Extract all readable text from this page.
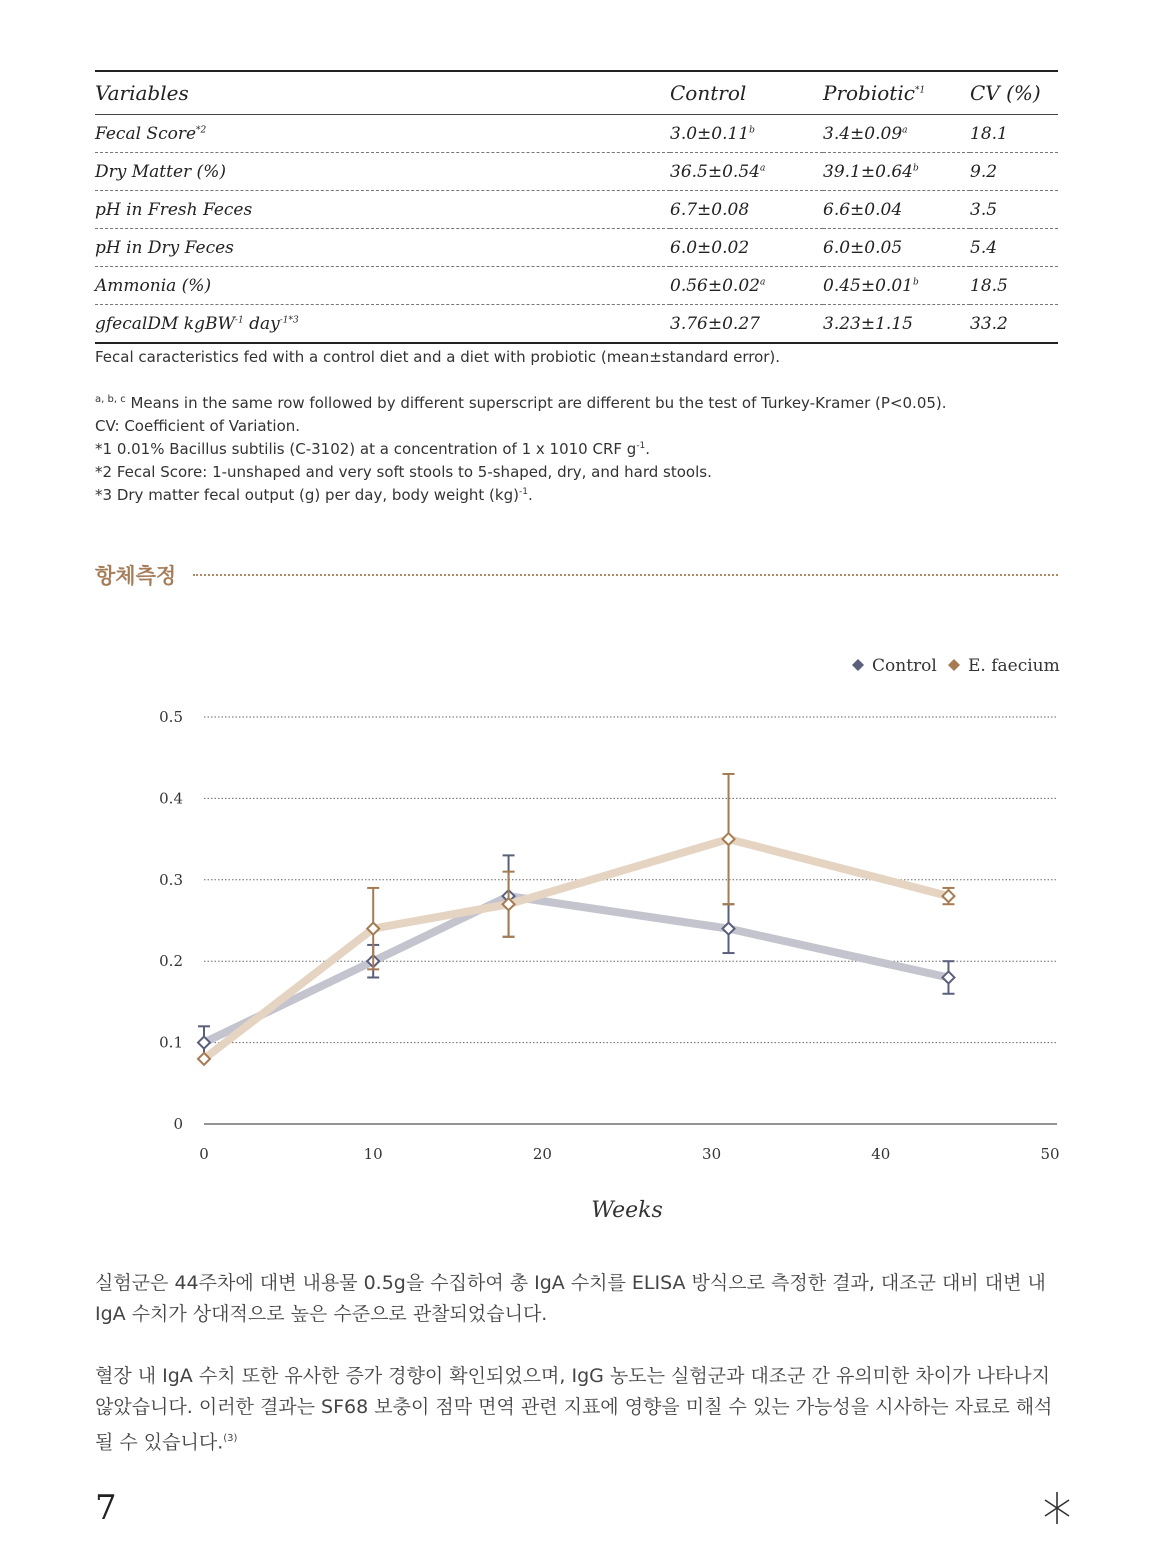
Variables	Control	Probiotic$^{*1}$	CV (%)
Fecal Score$^{*2}$	3.0±0.11$^b$	3.4±0.09$^a$	18.1
Dry Matter (%)	36.5±0.54$^a$	39.1±0.64$^b$	9.2
pH in Fresh Feces	6.7±0.08	6.6±0.04	3.5
pH in Dry Feces	6.0±0.02	6.0±0.05	5.4
Ammonia (%)	0.56±0.02$^a$	0.45±0.01$^b$	18.5
gfecalDM kgBW$^{-1}$ day$^{-1*3}$	3.76±0.27	3.23±1.15	33.2
Fecal caracteristics fed with a control diet and a diet with probiotic (mean±standard error).
$^{a, b, c}$ Means in the same row followed by different superscript are different bu the test of Turkey-Kramer (P<0.05).
CV: Coefficient of Variation.
*1 0.01% Bacillus subtilis (C-3102) at a concentration of 1 x 1010 CRF $g^{-1}$.
*2 Fecal Score: 1-unshaped and very soft stools to 5-shaped, dry, and hard stools.
*3 Dry matter fecal output (g) per day, body weight (kg)$^{-1}$.
항체측정
0
0.1
0.2
0.3
0.4
0.5
0	10	20	30	40	50
Control E. faecium
Weeks
실험군은 44주차에 대변 내용물 0.5g을 수집하여 총 IgA 수치를 ELISA 방식으로 측정한 결과, 대조군 대비 대변 내 IgA 수치가 상대적으로 높은 수준으로 관찰되었습니다.
혈장 내 IgA 수치 또한 유사한 증가 경향이 확인되었으며, IgG 농도는 실험군과 대조군 간 유의미한 차이가 나타나지 않았습니다. 이러한 결과는 SF68 보충이 점막 면역 관련 지표에 영향을 미칠 수 있는 가능성을 시사하는 자료로 해석될 수 있습니다.$^{(3)}$
7
